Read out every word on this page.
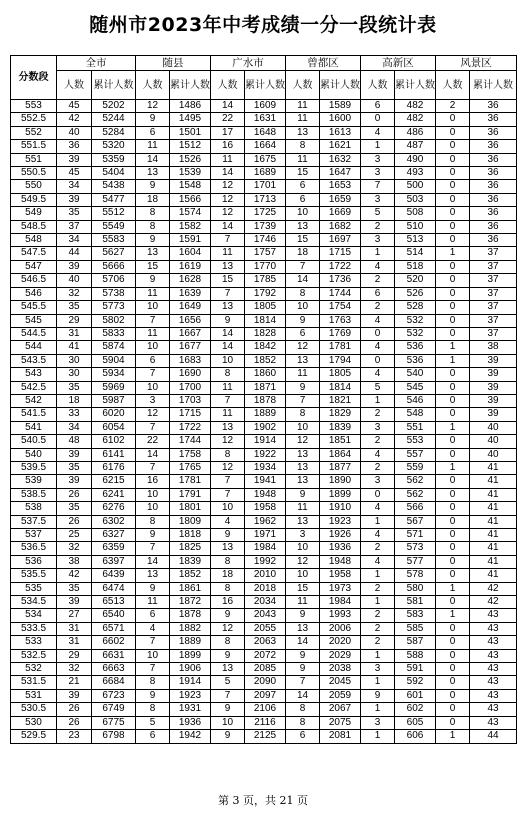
随州市2023年中考成绩一分一段统计表
分数段	全市		随县		广水市		曾都区		高新区		风景区	
	人数	累计人数	人数	累计人数	人数	累计人数	人数	累计人数	人数	累计人数	人数	累计人数
553	45	5202	12	1486	14	1609	11	1589	6	482	2	36
552.5	42	5244	9	1495	22	1631	11	1600	0	482	0	36
552	40	5284	6	1501	17	1648	13	1613	4	486	0	36
551.5	36	5320	11	1512	16	1664	8	1621	1	487	0	36
551	39	5359	14	1526	11	1675	11	1632	3	490	0	36
550.5	45	5404	13	1539	14	1689	15	1647	3	493	0	36
550	34	5438	9	1548	12	1701	6	1653	7	500	0	36
549.5	39	5477	18	1566	12	1713	6	1659	3	503	0	36
549	35	5512	8	1574	12	1725	10	1669	5	508	0	36
548.5	37	5549	8	1582	14	1739	13	1682	2	510	0	36
548	34	5583	9	1591	7	1746	15	1697	3	513	0	36
547.5	44	5627	13	1604	11	1757	18	1715	1	514	1	37
547	39	5666	15	1619	13	1770	7	1722	4	518	0	37
546.5	40	5706	9	1628	15	1785	14	1736	2	520	0	37
546	32	5738	11	1639	7	1792	8	1744	6	526	0	37
545.5	35	5773	10	1649	13	1805	10	1754	2	528	0	37
545	29	5802	7	1656	9	1814	9	1763	4	532	0	37
544.5	31	5833	11	1667	14	1828	6	1769	0	532	0	37
544	41	5874	10	1677	14	1842	12	1781	4	536	1	38
543.5	30	5904	6	1683	10	1852	13	1794	0	536	1	39
543	30	5934	7	1690	8	1860	11	1805	4	540	0	39
542.5	35	5969	10	1700	11	1871	9	1814	5	545	0	39
542	18	5987	3	1703	7	1878	7	1821	1	546	0	39
541.5	33	6020	12	1715	11	1889	8	1829	2	548	0	39
541	34	6054	7	1722	13	1902	10	1839	3	551	1	40
540.5	48	6102	22	1744	12	1914	12	1851	2	553	0	40
540	39	6141	14	1758	8	1922	13	1864	4	557	0	40
539.5	35	6176	7	1765	12	1934	13	1877	2	559	1	41
539	39	6215	16	1781	7	1941	13	1890	3	562	0	41
538.5	26	6241	10	1791	7	1948	9	1899	0	562	0	41
538	35	6276	10	1801	10	1958	11	1910	4	566	0	41
537.5	26	6302	8	1809	4	1962	13	1923	1	567	0	41
537	25	6327	9	1818	9	1971	3	1926	4	571	0	41
536.5	32	6359	7	1825	13	1984	10	1936	2	573	0	41
536	38	6397	14	1839	8	1992	12	1948	4	577	0	41
535.5	42	6439	13	1852	18	2010	10	1958	1	578	0	41
535	35	6474	9	1861	8	2018	15	1973	2	580	1	42
534.5	39	6513	11	1872	16	2034	11	1984	1	581	0	42
534	27	6540	6	1878	9	2043	9	1993	2	583	1	43
533.5	31	6571	4	1882	12	2055	13	2006	2	585	0	43
533	31	6602	7	1889	8	2063	14	2020	2	587	0	43
532.5	29	6631	10	1899	9	2072	9	2029	1	588	0	43
532	32	6663	7	1906	13	2085	9	2038	3	591	0	43
531.5	21	6684	8	1914	5	2090	7	2045	1	592	0	43
531	39	6723	9	1923	7	2097	14	2059	9	601	0	43
530.5	26	6749	8	1931	9	2106	8	2067	1	602	0	43
530	26	6775	5	1936	10	2116	8	2075	3	605	0	43
529.5	23	6798	6	1942	9	2125	6	2081	1	606	1	44
第 3 页，共 21 页
